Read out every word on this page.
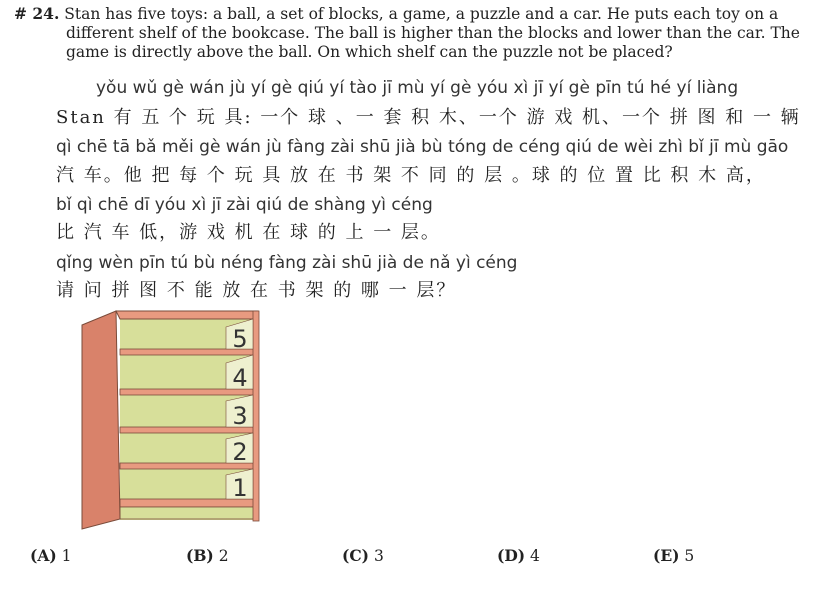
# 24. Stan has five toys: a ball, a set of blocks, a game, a puzzle and a car. He puts each toy on a
different shelf of the bookcase. The ball is higher than the blocks and lower than the car. The
game is directly above the ball. On which shelf can the puzzle not be placed?
yǒu wǔ gè wán jù yí gè qiú yí tào jī mù yí gè yóu xì jī yí gè pīn tú hé yí liàng
Stan 有 五 个 玩 具: 一个 球 、一 套 积 木、一个 游 戏 机、一个 拼 图 和 一 辆
qì chē tā bǎ měi gè wán jù fàng zài shū jià bù tóng de céng qiú de wèi zhì bǐ jī mù gāo
汽 车。他 把 每 个 玩 具 放 在 书 架 不 同 的 层 。球 的 位 置 比 积 木 高，
bǐ qì chē dī yóu xì jī zài qiú de shàng yì céng
比 汽 车 低，游 戏 机 在 球 的 上 一 层。
qǐng wèn pīn tú bù néng fàng zài shū jià de nǎ yì céng
请 问 拼 图 不 能 放 在 书 架 的 哪 一 层？
5
4
3
2
1
(A) 1	(B) 2	(C) 3	(D) 4	(E) 5
